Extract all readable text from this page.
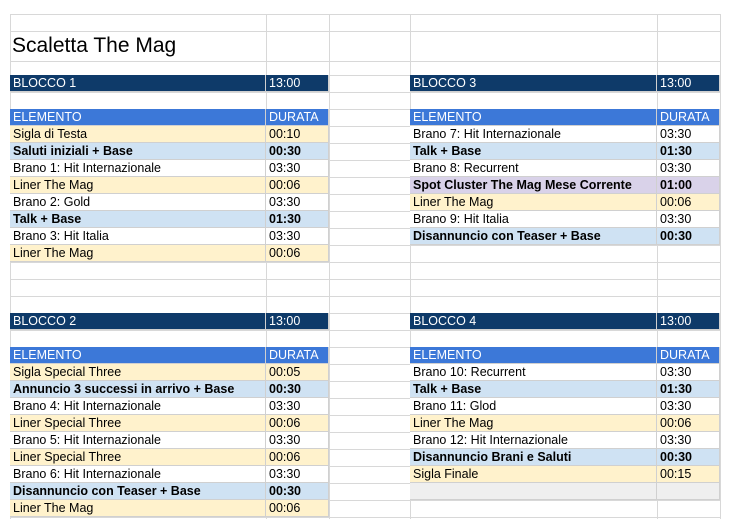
Scaletta The Mag
BLOCCO 1	13:00
ELEMENTO	DURATA
Sigla di Testa	00:10
Saluti iniziali + Base	00:30
Brano 1: Hit Internazionale	03:30
Liner The Mag	00:06
Brano 2: Gold	03:30
Talk + Base	01:30
Brano 3: Hit Italia	03:30
Liner The Mag	00:06
BLOCCO 3	13:00
ELEMENTO	DURATA
Brano 7: Hit Internazionale	03:30
Talk + Base	01:30
Brano 8: Recurrent	03:30
Spot Cluster The Mag Mese Corrente	01:00
Liner The Mag	00:06
Brano 9: Hit Italia	03:30
Disannuncio con Teaser + Base	00:30
BLOCCO 2	13:00
ELEMENTO	DURATA
Sigla Special Three	00:05
Annuncio 3 successi in arrivo + Base	00:30
Brano 4: Hit Internazionale	03:30
Liner Special Three	00:06
Brano 5: Hit Internazionale	03:30
Liner Special Three	00:06
Brano 6: Hit Internazionale	03:30
Disannuncio con Teaser + Base	00:30
Liner The Mag	00:06
BLOCCO 4	13:00
ELEMENTO	DURATA
Brano 10: Recurrent	03:30
Talk + Base	01:30
Brano 11: Glod	03:30
Liner The Mag	00:06
Brano 12: Hit Internazionale	03:30
Disannuncio Brani e Saluti	00:30
Sigla Finale	00:15
